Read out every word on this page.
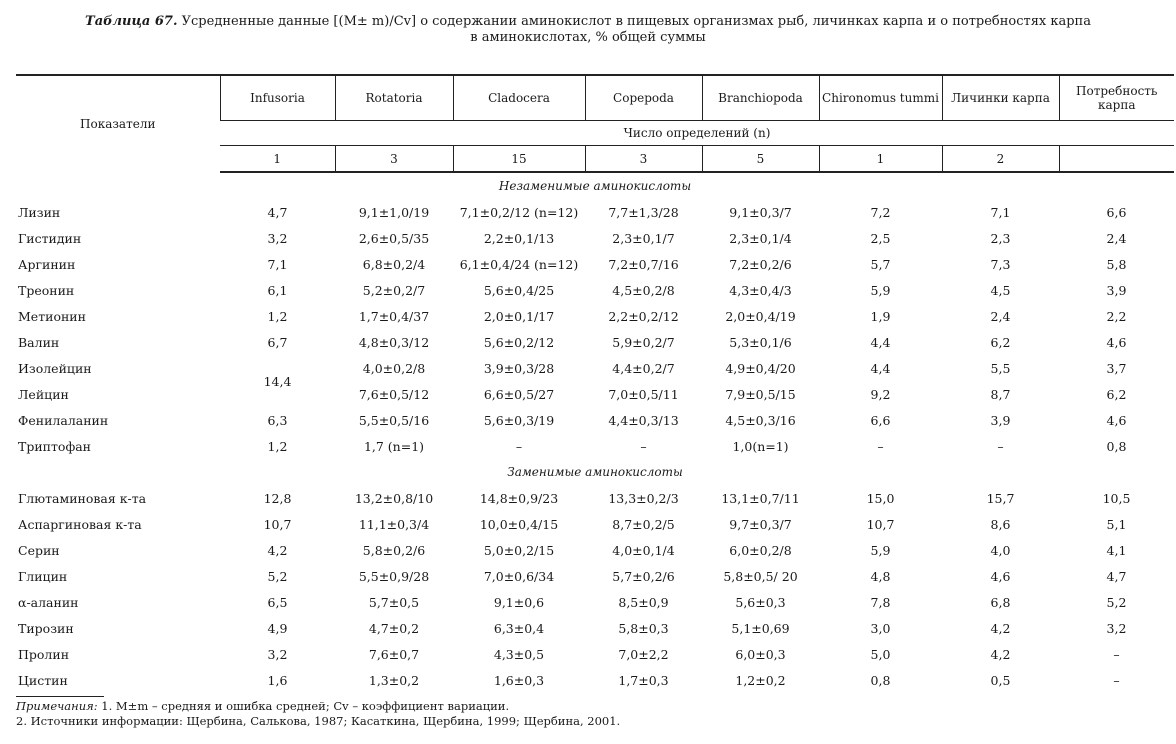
Таблица 67. Усредненные данные [(M± m)/Cv] о содержании аминокислот в пищевых организмах рыб, личинках карпа и о потребностях карпа
в аминокислотах, % общей суммы
Показатели	Infusoria	Rotatoria	Cladocera	Copepoda	Branchiopoda	Chironomus tummi	Личинки карпа	Потребность карпа
	Число определений (n)							
	1	3	15	3	5	1	2	
Незаменимые аминокислоты								
Лизин	4,7	9,1±1,0/19	7,1±0,2/12 (n=12)	7,7±1,3/28	9,1±0,3/7	7,2	7,1	6,6
Гистидин	3,2	2,6±0,5/35	2,2±0,1/13	2,3±0,1/7	2,3±0,1/4	2,5	2,3	2,4
Аргинин	7,1	6,8±0,2/4	6,1±0,4/24 (n=12)	7,2±0,7/16	7,2±0,2/6	5,7	7,3	5,8
Треонин	6,1	5,2±0,2/7	5,6±0,4/25	4,5±0,2/8	4,3±0,4/3	5,9	4,5	3,9
Метионин	1,2	1,7±0,4/37	2,0±0,1/17	2,2±0,2/12	2,0±0,4/19	1,9	2,4	2,2
Валин	6,7	4,8±0,3/12	5,6±0,2/12	5,9±0,2/7	5,3±0,1/6	4,4	6,2	4,6
Изолейцин	14,4	4,0±0,2/8	3,9±0,3/28	4,4±0,2/7	4,9±0,4/20	4,4	5,5	3,7
Лейцин		7,6±0,5/12	6,6±0,5/27	7,0±0,5/11	7,9±0,5/15	9,2	8,7	6,2
Фенилаланин	6,3	5,5±0,5/16	5,6±0,3/19	4,4±0,3/13	4,5±0,3/16	6,6	3,9	4,6
Триптофан	1,2	1,7 (n=1)	–	–	1,0(n=1)	–	–	0,8
Заменимые аминокислоты								
Глютаминовая к-та	12,8	13,2±0,8/10	14,8±0,9/23	13,3±0,2/3	13,1±0,7/11	15,0	15,7	10,5
Аспаргиновая к-та	10,7	11,1±0,3/4	10,0±0,4/15	8,7±0,2/5	9,7±0,3/7	10,7	8,6	5,1
Серин	4,2	5,8±0,2/6	5,0±0,2/15	4,0±0,1/4	6,0±0,2/8	5,9	4,0	4,1
Глицин	5,2	5,5±0,9/28	7,0±0,6/34	5,7±0,2/6	5,8±0,5/ 20	4,8	4,6	4,7
α-аланин	6,5	5,7±0,5	9,1±0,6	8,5±0,9	5,6±0,3	7,8	6,8	5,2
Тирозин	4,9	4,7±0,2	6,3±0,4	5,8±0,3	5,1±0,69	3,0	4,2	3,2
Пролин	3,2	7,6±0,7	4,3±0,5	7,0±2,2	6,0±0,3	5,0	4,2	–
Цистин	1,6	1,3±0,2	1,6±0,3	1,7±0,3	1,2±0,2	0,8	0,5	–
Примечания: 1. M±m – средняя и ошибка средней; Cv – коэффициент вариации.
2. Источники информации: Щербина, Салькова, 1987; Касаткина, Щербина, 1999; Щербина, 2001.
